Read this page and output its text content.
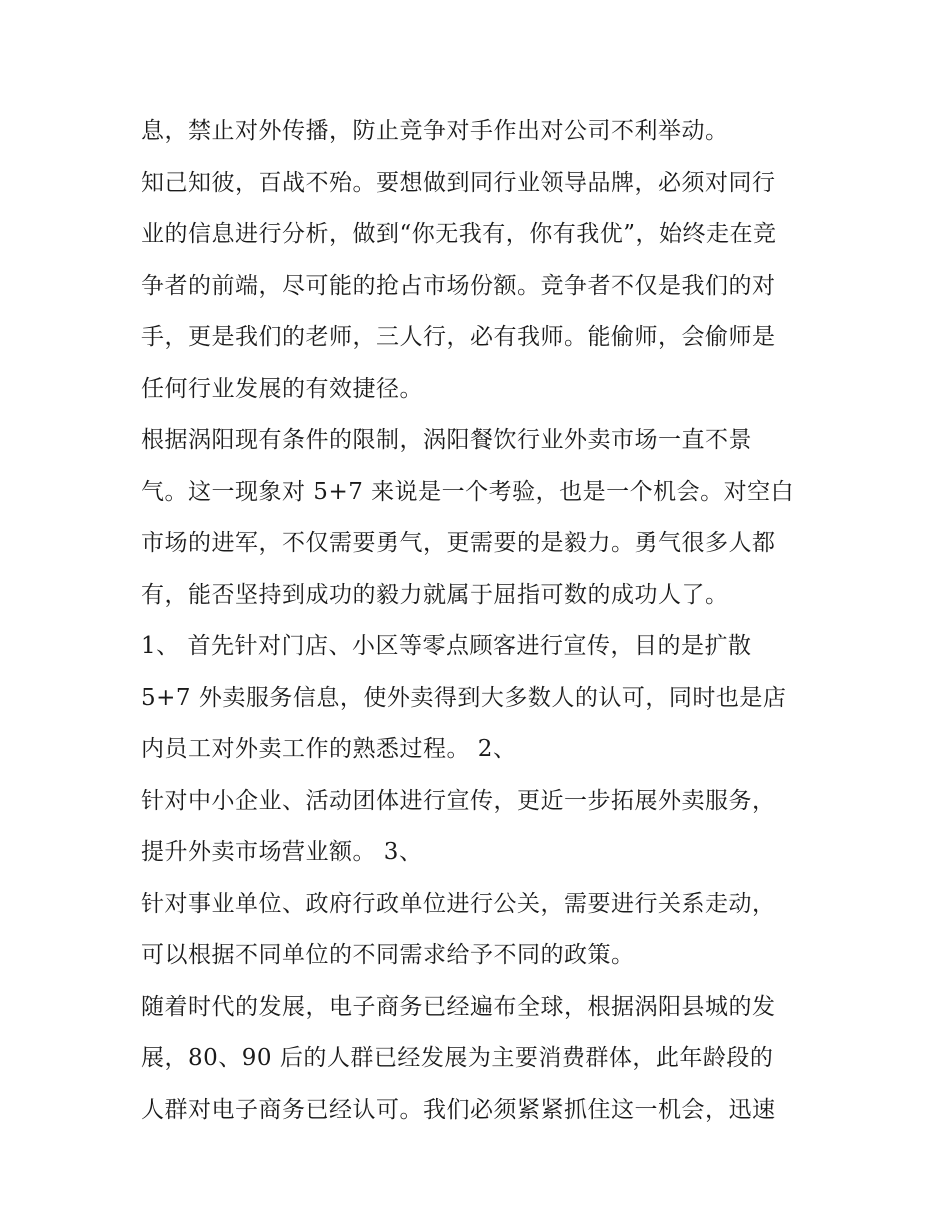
息，禁止对外传播，防止竞争对手作出对公司不利举动。
知己知彼，百战不殆。要想做到同行业领导品牌，必须对同行
业的信息进行分析，做到“你无我有，你有我优”，始终走在竞
争者的前端，尽可能的抢占市场份额。竞争者不仅是我们的对
手，更是我们的老师，三人行，必有我师。能偷师，会偷师是
任何行业发展的有效捷径。
根据涡阳现有条件的限制，涡阳餐饮行业外卖市场一直不景
气。这一现象对 5+7 来说是一个考验，也是一个机会。对空白
市场的进军，不仅需要勇气，更需要的是毅力。勇气很多人都
有，能否坚持到成功的毅力就属于屈指可数的成功人了。
1、 首先针对门店、小区等零点顾客进行宣传，目的是扩散
5+7 外卖服务信息，使外卖得到大多数人的认可，同时也是店
内员工对外卖工作的熟悉过程。 2、
针对中小企业、活动团体进行宣传，更近一步拓展外卖服务，
提升外卖市场营业额。 3、
针对事业单位、政府行政单位进行公关，需要进行关系走动，
可以根据不同单位的不同需求给予不同的政策。
随着时代的发展，电子商务已经遍布全球，根据涡阳县城的发
展，80、90 后的人群已经发展为主要消费群体，此年龄段的
人群对电子商务已经认可。我们必须紧紧抓住这一机会，迅速
